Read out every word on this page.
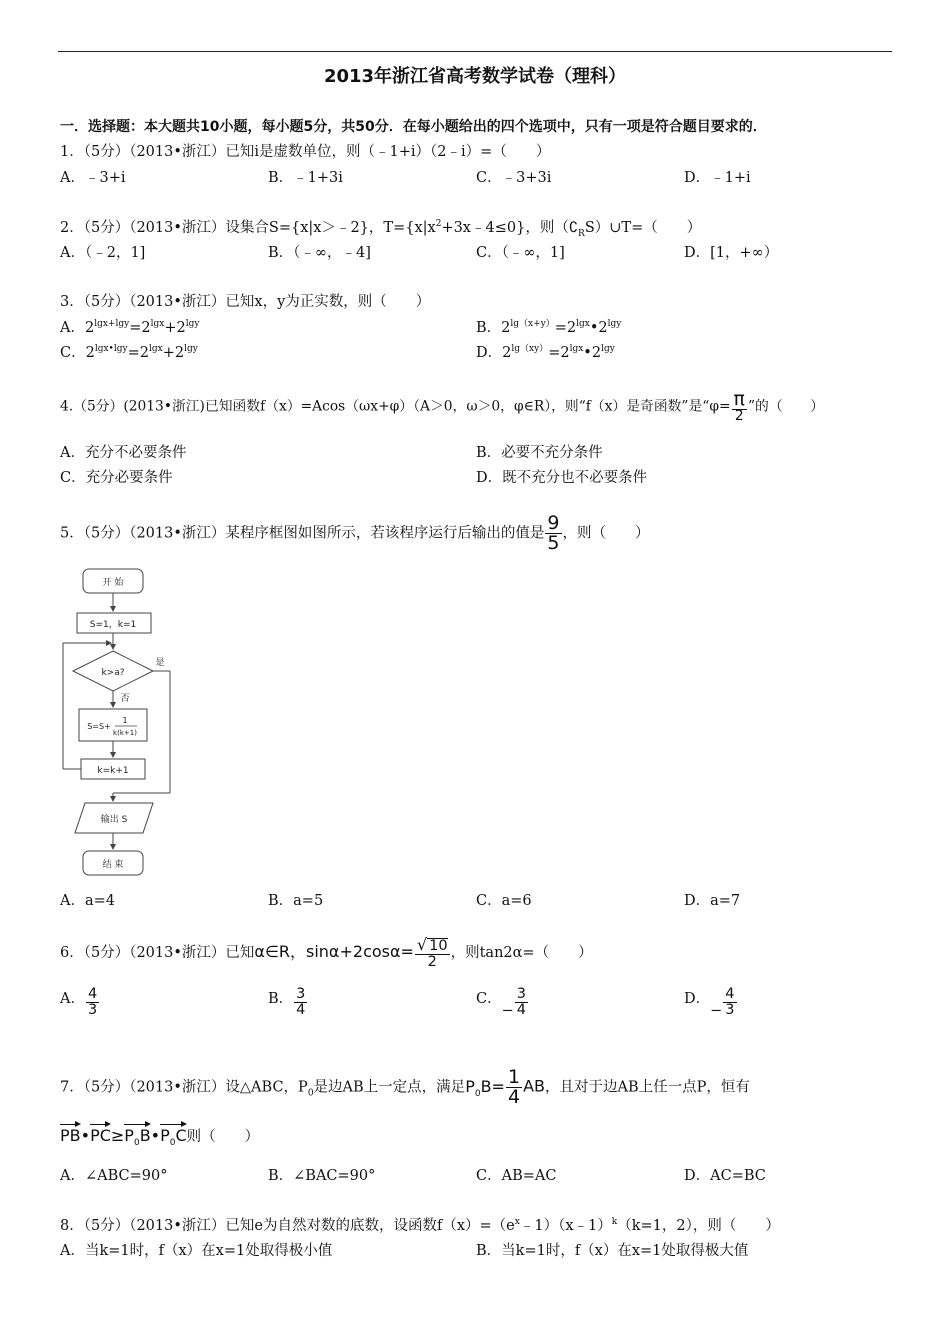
2013年浙江省高考数学试卷（理科）
一．选择题：本大题共10小题，每小题5分，共50分．在每小题给出的四个选项中，只有一项是符合题目要求的．
1．（5分）（2013•浙江）已知i是虚数单位，则（﹣1+i）（2﹣i）=（　　）
A．﹣3+i	B．﹣1+3i	C．﹣3+3i	D．﹣1+i
2．（5分）（2013•浙江）设集合S={x|x＞﹣2}，$T=\{x|x^2+3x﹣4\le 0\}$，则$(∁_RS)\cup T=$（　　）
A．（﹣2，1]	B．（﹣∞，﹣4]	C．（﹣∞，1]	D．[1，+∞）
3．（5分）（2013•浙江）已知x，y为正实数，则（　　）
A．$2^{lgx+lgy}=2^{lgx}+2^{lgy}$	B．$2^{lg(x+y)}=2^{lgx}•2^{lgy}$
C．$2^{lgx•lgy}=2^{lgx}+2^{lgy}$	D．$2^{lg(xy)}=2^{lgx}•2^{lgy}$
4.（5分）(2013•浙江)已知函数f（x）=Acos（ωx+φ）（A＞0，ω＞0，φ∈R），则“f（x）是奇函数”是“$\varphi= \frac{\pi}{2}$ ”的（　　）
A．充分不必要条件	B．必要不充分条件
C．充分必要条件	D．既不充分也不必要条件
5．（5分）（2013•浙江）某程序框图如图所示，若该程序运行后输出的值是 $\frac{9}{5}$ ，则（　　）
开 始
S=1，k=1
k>a?
是
否
S=S+
1
k(k+1)
k=k+1
输出 S
结 束
A．a=4	B．a=5	C．a=6	D．a=7
6．（5分）（2013•浙江）已知α∈R，$\sin\alpha+2\cos\alpha= \frac{√ 10}{2}$ ，则tan2α=（　　）
A． $\frac{4}{3}$	B． $\frac{3}{4}$	C．− $\frac{3}{4}$	D．− $\frac{4}{3}$
7．（5分）（2013•浙江）设△ABC，$P_0$是边AB上一定点，满足$P_0B= \frac{1}{4}$ AB，且对于边AB上任一点P，恒有
$PB•PC\ge P_0B•P_0C$则（　　）
A．∠ABC=90°	B．∠BAC=90°	C．AB=AC	D．AC=BC
8．（5分）（2013•浙江）已知e为自然对数的底数，设函数$f(x)=(e^x﹣1)(x﹣1)^k(k=1$，2），则（　　）
A．当k=1时，f（x）在x=1处取得极小值	B．当k=1时，f（x）在x=1处取得极大值
